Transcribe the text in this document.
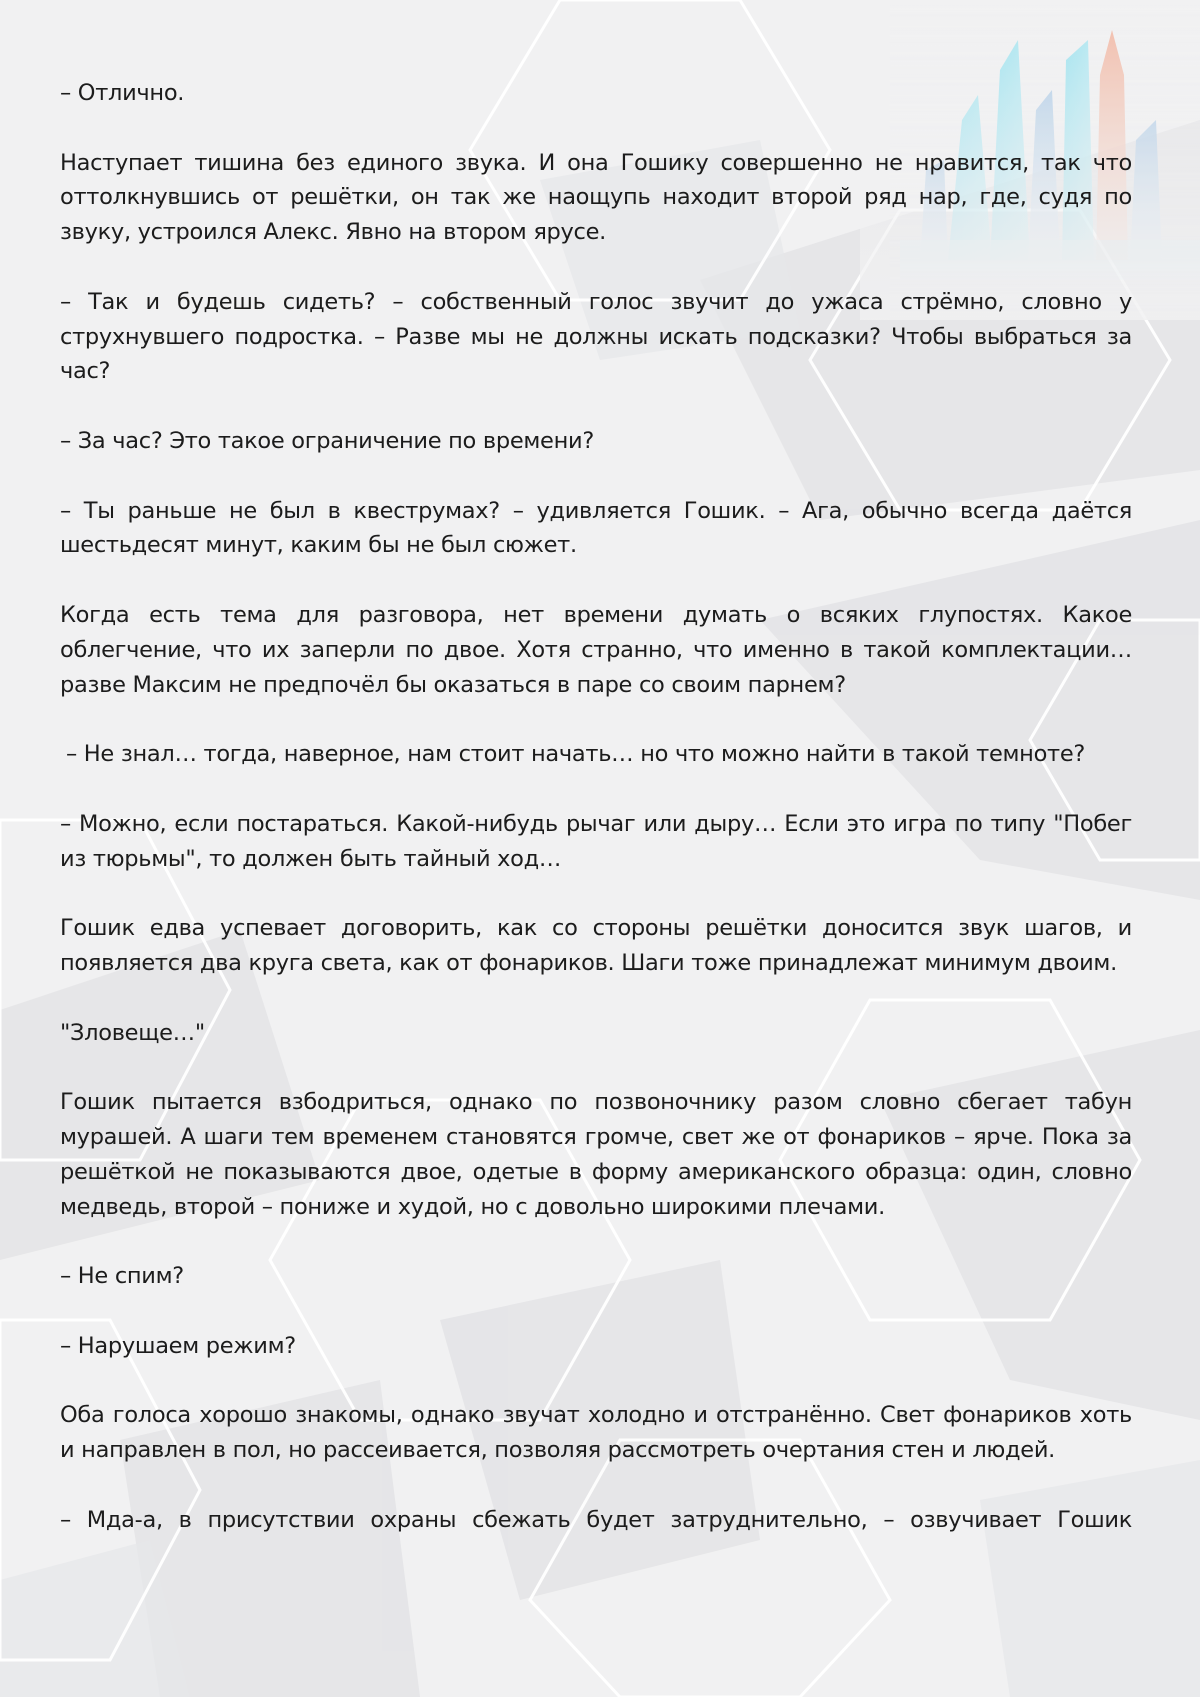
– Отлично.

Наступает тишина без единого звука. И она Гошику совершенно не нравится, так что оттолкнувшись от решётки, он так же наощупь находит второй ряд нар, где, судя по звуку, устроился Алекс. Явно на втором ярусе.

– Так и будешь сидеть? – собственный голос звучит до ужаса стрёмно, словно у струхнувшего подростка. – Разве мы не должны искать подсказки? Чтобы выбраться за час?

– За час? Это такое ограничение по времени?

– Ты раньше не был в квеструмах? – удивляется Гошик. – Ага, обычно всегда даётся шестьдесят минут, каким бы не был сюжет.

Когда есть тема для разговора, нет времени думать о всяких глупостях. Какое облегчение, что их заперли по двое. Хотя странно, что именно в такой комплектации… разве Максим не предпочёл бы оказаться в паре со своим парнем?

– Не знал… тогда, наверное, нам стоит начать… но что можно найти в такой темноте?

– Можно, если постараться. Какой-нибудь рычаг или дыру… Если это игра по типу "Побег из тюрьмы", то должен быть тайный ход…

Гошик едва успевает договорить, как со стороны решётки доносится звук шагов, и появляется два круга света, как от фонариков. Шаги тоже принадлежат минимум двоим.

"Зловеще…"

Гошик пытается взбодриться, однако по позвоночнику разом словно сбегает табун мурашей. А шаги тем временем становятся громче, свет же от фонариков – ярче. Пока за решёткой не показываются двое, одетые в форму американского образца: один, словно медведь, второй – пониже и худой, но с довольно широкими плечами.

– Не спим?

– Нарушаем режим?

Оба голоса хорошо знакомы, однако звучат холодно и отстранённо. Свет фонариков хоть и направлен в пол, но рассеивается, позволяя рассмотреть очертания стен и людей.

– Мда-а, в присутствии охраны сбежать будет затруднительно, – озвучивает Гошик
